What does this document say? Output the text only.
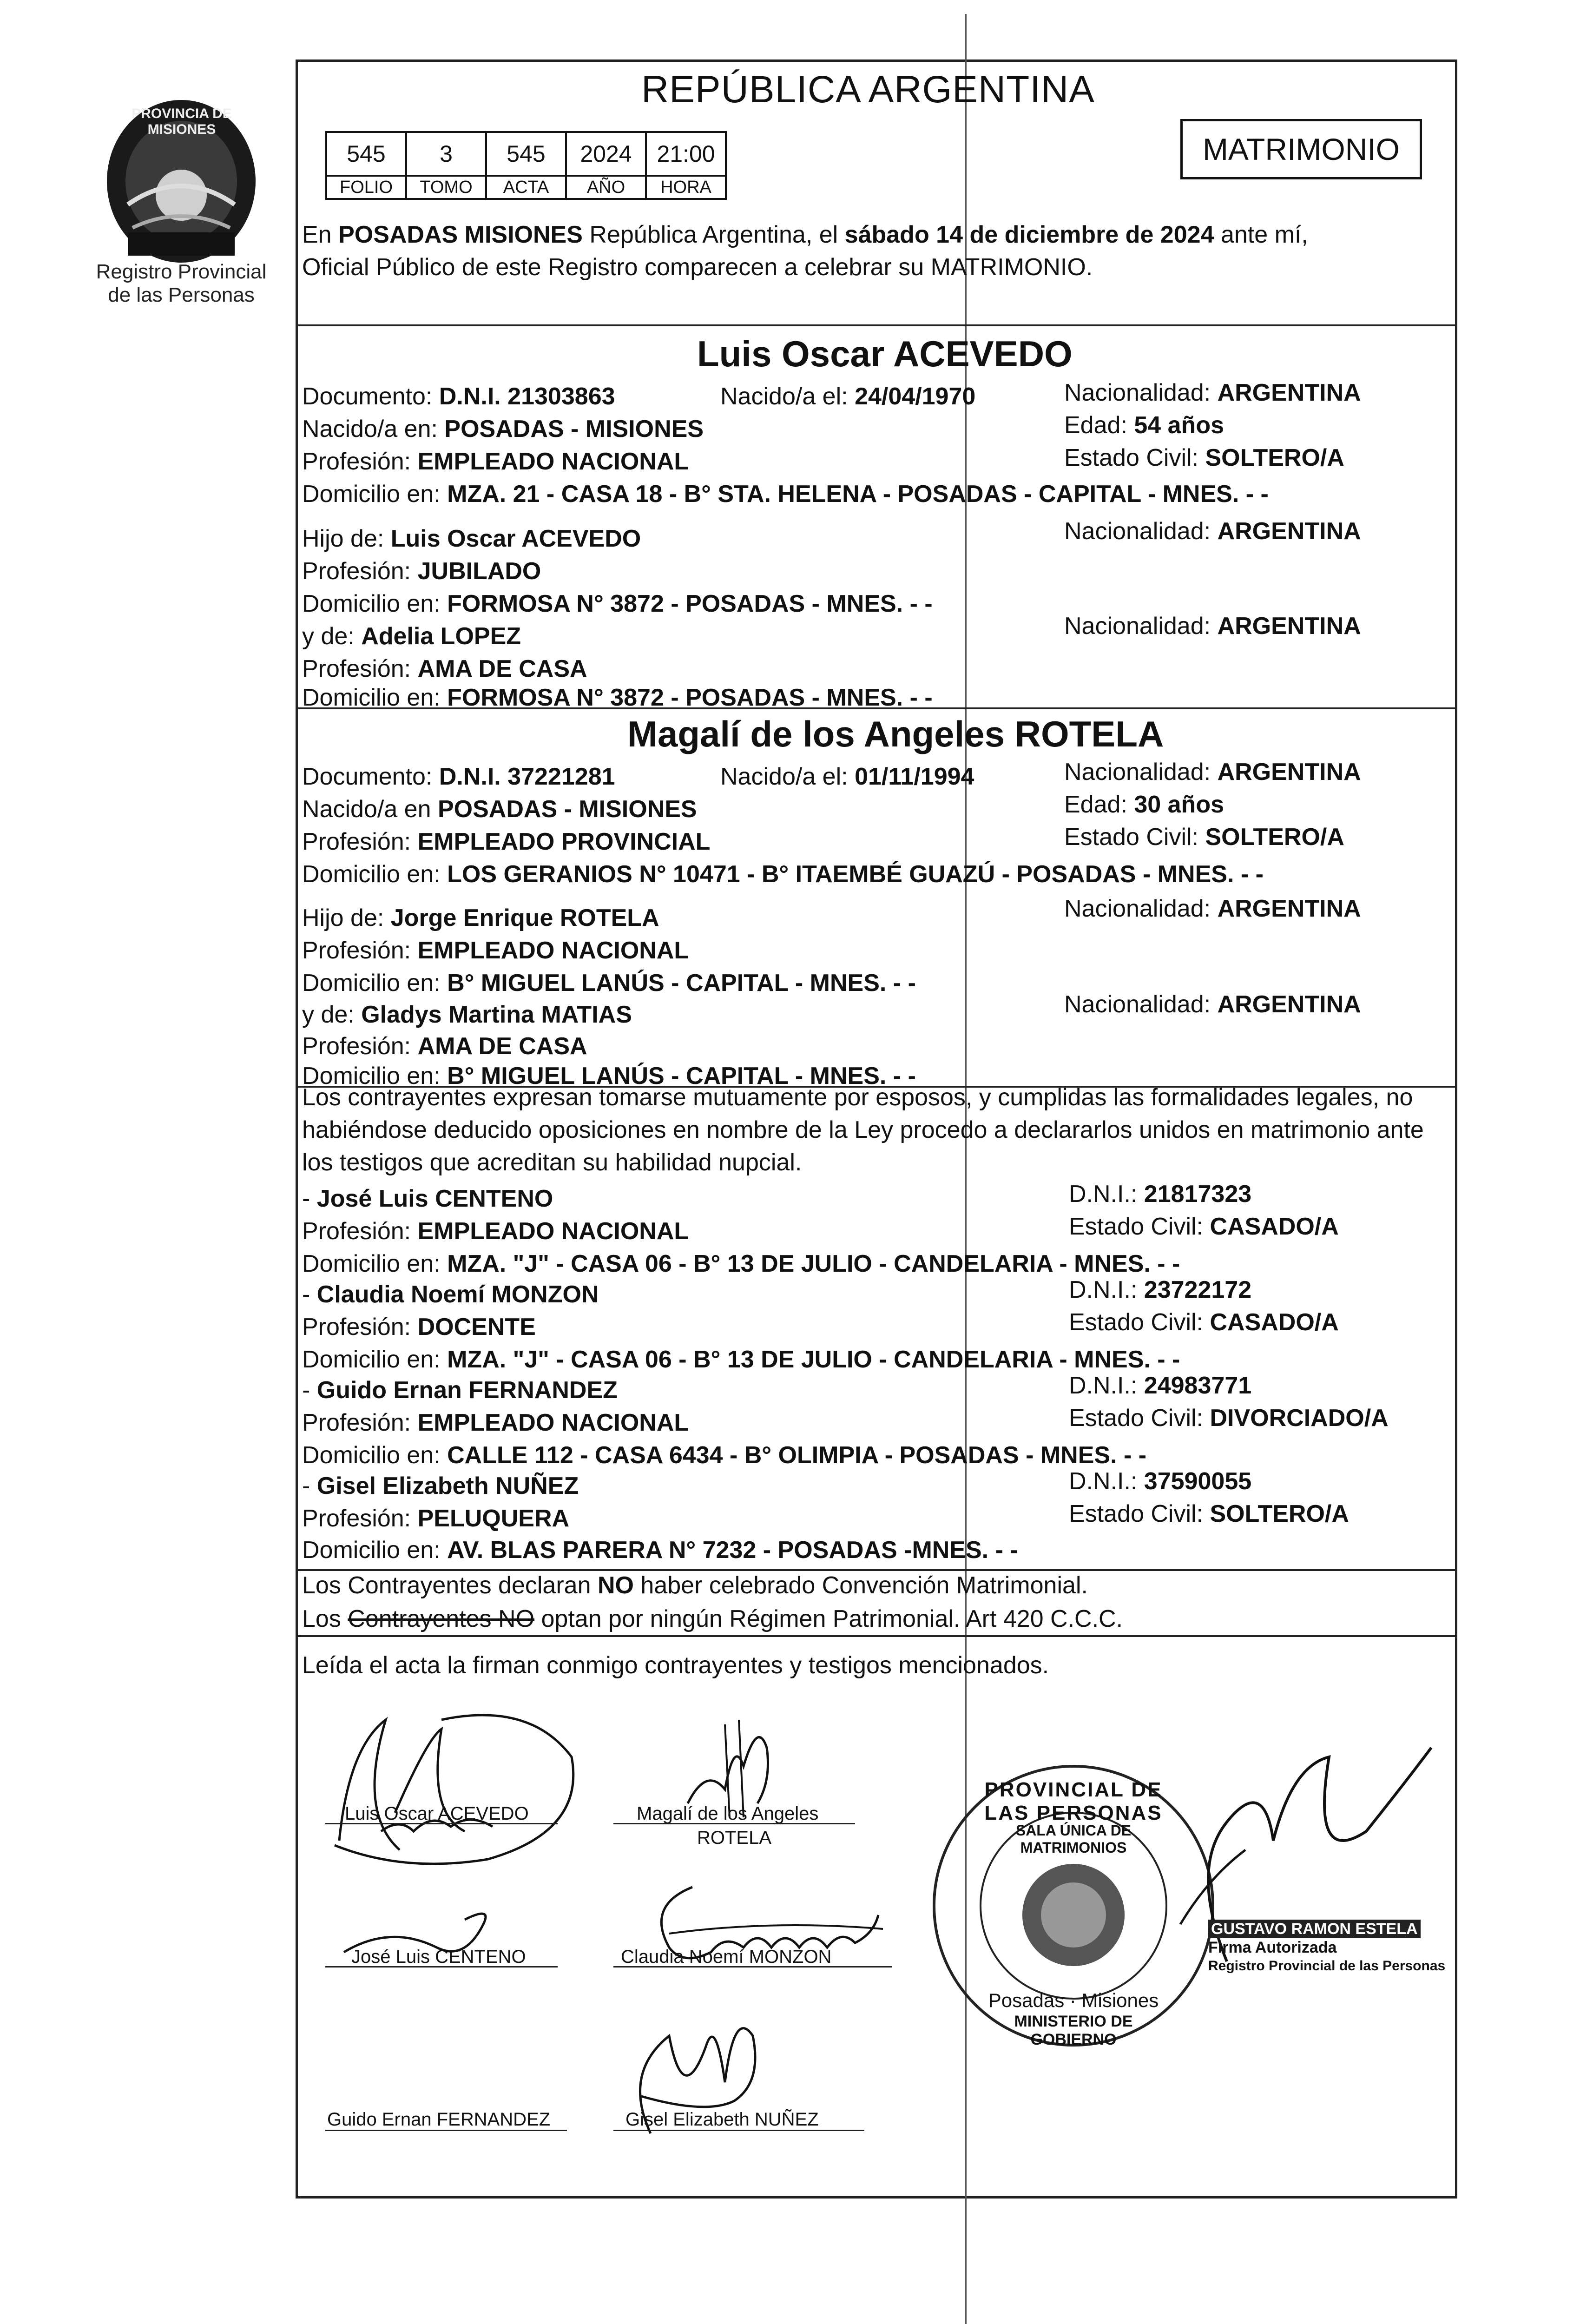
PROVINCIA DE MISIONES
Registro Provincial
de las Personas
REPÚBLICA ARGENTINA
MATRIMONIO
545	3	545	2024	21:00
FOLIO	TOMO	ACTA	AÑO	HORA
En POSADAS MISIONES República Argentina, el sábado 14 de diciembre de 2024 ante mí,
Oficial Público de este Registro comparecen a celebrar su MATRIMONIO.
Luis Oscar ACEVEDO
Documento: D.N.I. 21303863	Nacido/a el: 24/04/1970	Nacionalidad: ARGENTINA
Nacido/a en: POSADAS - MISIONES	Edad: 54 años
Profesión: EMPLEADO NACIONAL	Estado Civil: SOLTERO/A
Domicilio en: MZA. 21 - CASA 18 - B° STA. HELENA - POSADAS - CAPITAL - MNES. - -
Hijo de: Luis Oscar ACEVEDO	Nacionalidad: ARGENTINA
Profesión: JUBILADO
Domicilio en: FORMOSA N° 3872 - POSADAS - MNES. - -
y de: Adelia LOPEZ	Nacionalidad: ARGENTINA
Profesión: AMA DE CASA
Domicilio en: FORMOSA N° 3872 - POSADAS - MNES. - -
Magalí de los Angeles ROTELA
Documento: D.N.I. 37221281	Nacido/a el: 01/11/1994	Nacionalidad: ARGENTINA
Nacido/a en POSADAS - MISIONES	Edad: 30 años
Profesión: EMPLEADO PROVINCIAL	Estado Civil: SOLTERO/A
Domicilio en: LOS GERANIOS N° 10471 - B° ITAEMBÉ GUAZÚ - POSADAS - MNES. - -
Hijo de: Jorge Enrique ROTELA	Nacionalidad: ARGENTINA
Profesión: EMPLEADO NACIONAL
Domicilio en: B° MIGUEL LANÚS - CAPITAL - MNES. - -
y de: Gladys Martina MATIAS	Nacionalidad: ARGENTINA
Profesión: AMA DE CASA
Domicilio en: B° MIGUEL LANÚS - CAPITAL - MNES. - -
Los contrayentes expresan tomarse mutuamente por esposos, y cumplidas las formalidades legales, no
habiéndose deducido oposiciones en nombre de la Ley procedo a declararlos unidos en matrimonio ante
los testigos que acreditan su habilidad nupcial.
- José Luis CENTENO	D.N.I.: 21817323
Profesión: EMPLEADO NACIONAL	Estado Civil: CASADO/A
Domicilio en: MZA. "J" - CASA 06 - B° 13 DE JULIO - CANDELARIA - MNES. - -
- Claudia Noemí MONZON	D.N.I.: 23722172
Profesión: DOCENTE	Estado Civil: CASADO/A
Domicilio en: MZA. "J" - CASA 06 - B° 13 DE JULIO - CANDELARIA - MNES. - -
- Guido Ernan FERNANDEZ	D.N.I.: 24983771
Profesión: EMPLEADO NACIONAL	Estado Civil: DIVORCIADO/A
Domicilio en: CALLE 112 - CASA 6434 - B° OLIMPIA - POSADAS - MNES. - -
- Gisel Elizabeth NUÑEZ	D.N.I.: 37590055
Profesión: PELUQUERA	Estado Civil: SOLTERO/A
Domicilio en: AV. BLAS PARERA N° 7232 - POSADAS -MNES. - -
Los Contrayentes declaran NO haber celebrado Convención Matrimonial.
Los Contrayentes NO optan por ningún Régimen Patrimonial. Art 420 C.C.C.
Leída el acta la firman conmigo contrayentes y testigos mencionados.
Luis Oscar ACEVEDO	Magalí de los Angeles
ROTELA
José Luis CENTENO	Claudia Noemí MONZON
Guido Ernan FERNANDEZ	Gisel Elizabeth NUÑEZ
PROVINCIAL DE LAS PERSONAS
SALA ÚNICA DE MATRIMONIOS
Posadas · Misiones
MINISTERIO DE GOBIERNO
GUSTAVO RAMON ESTELA
Firma Autorizada
Registro Provincial de las Personas
